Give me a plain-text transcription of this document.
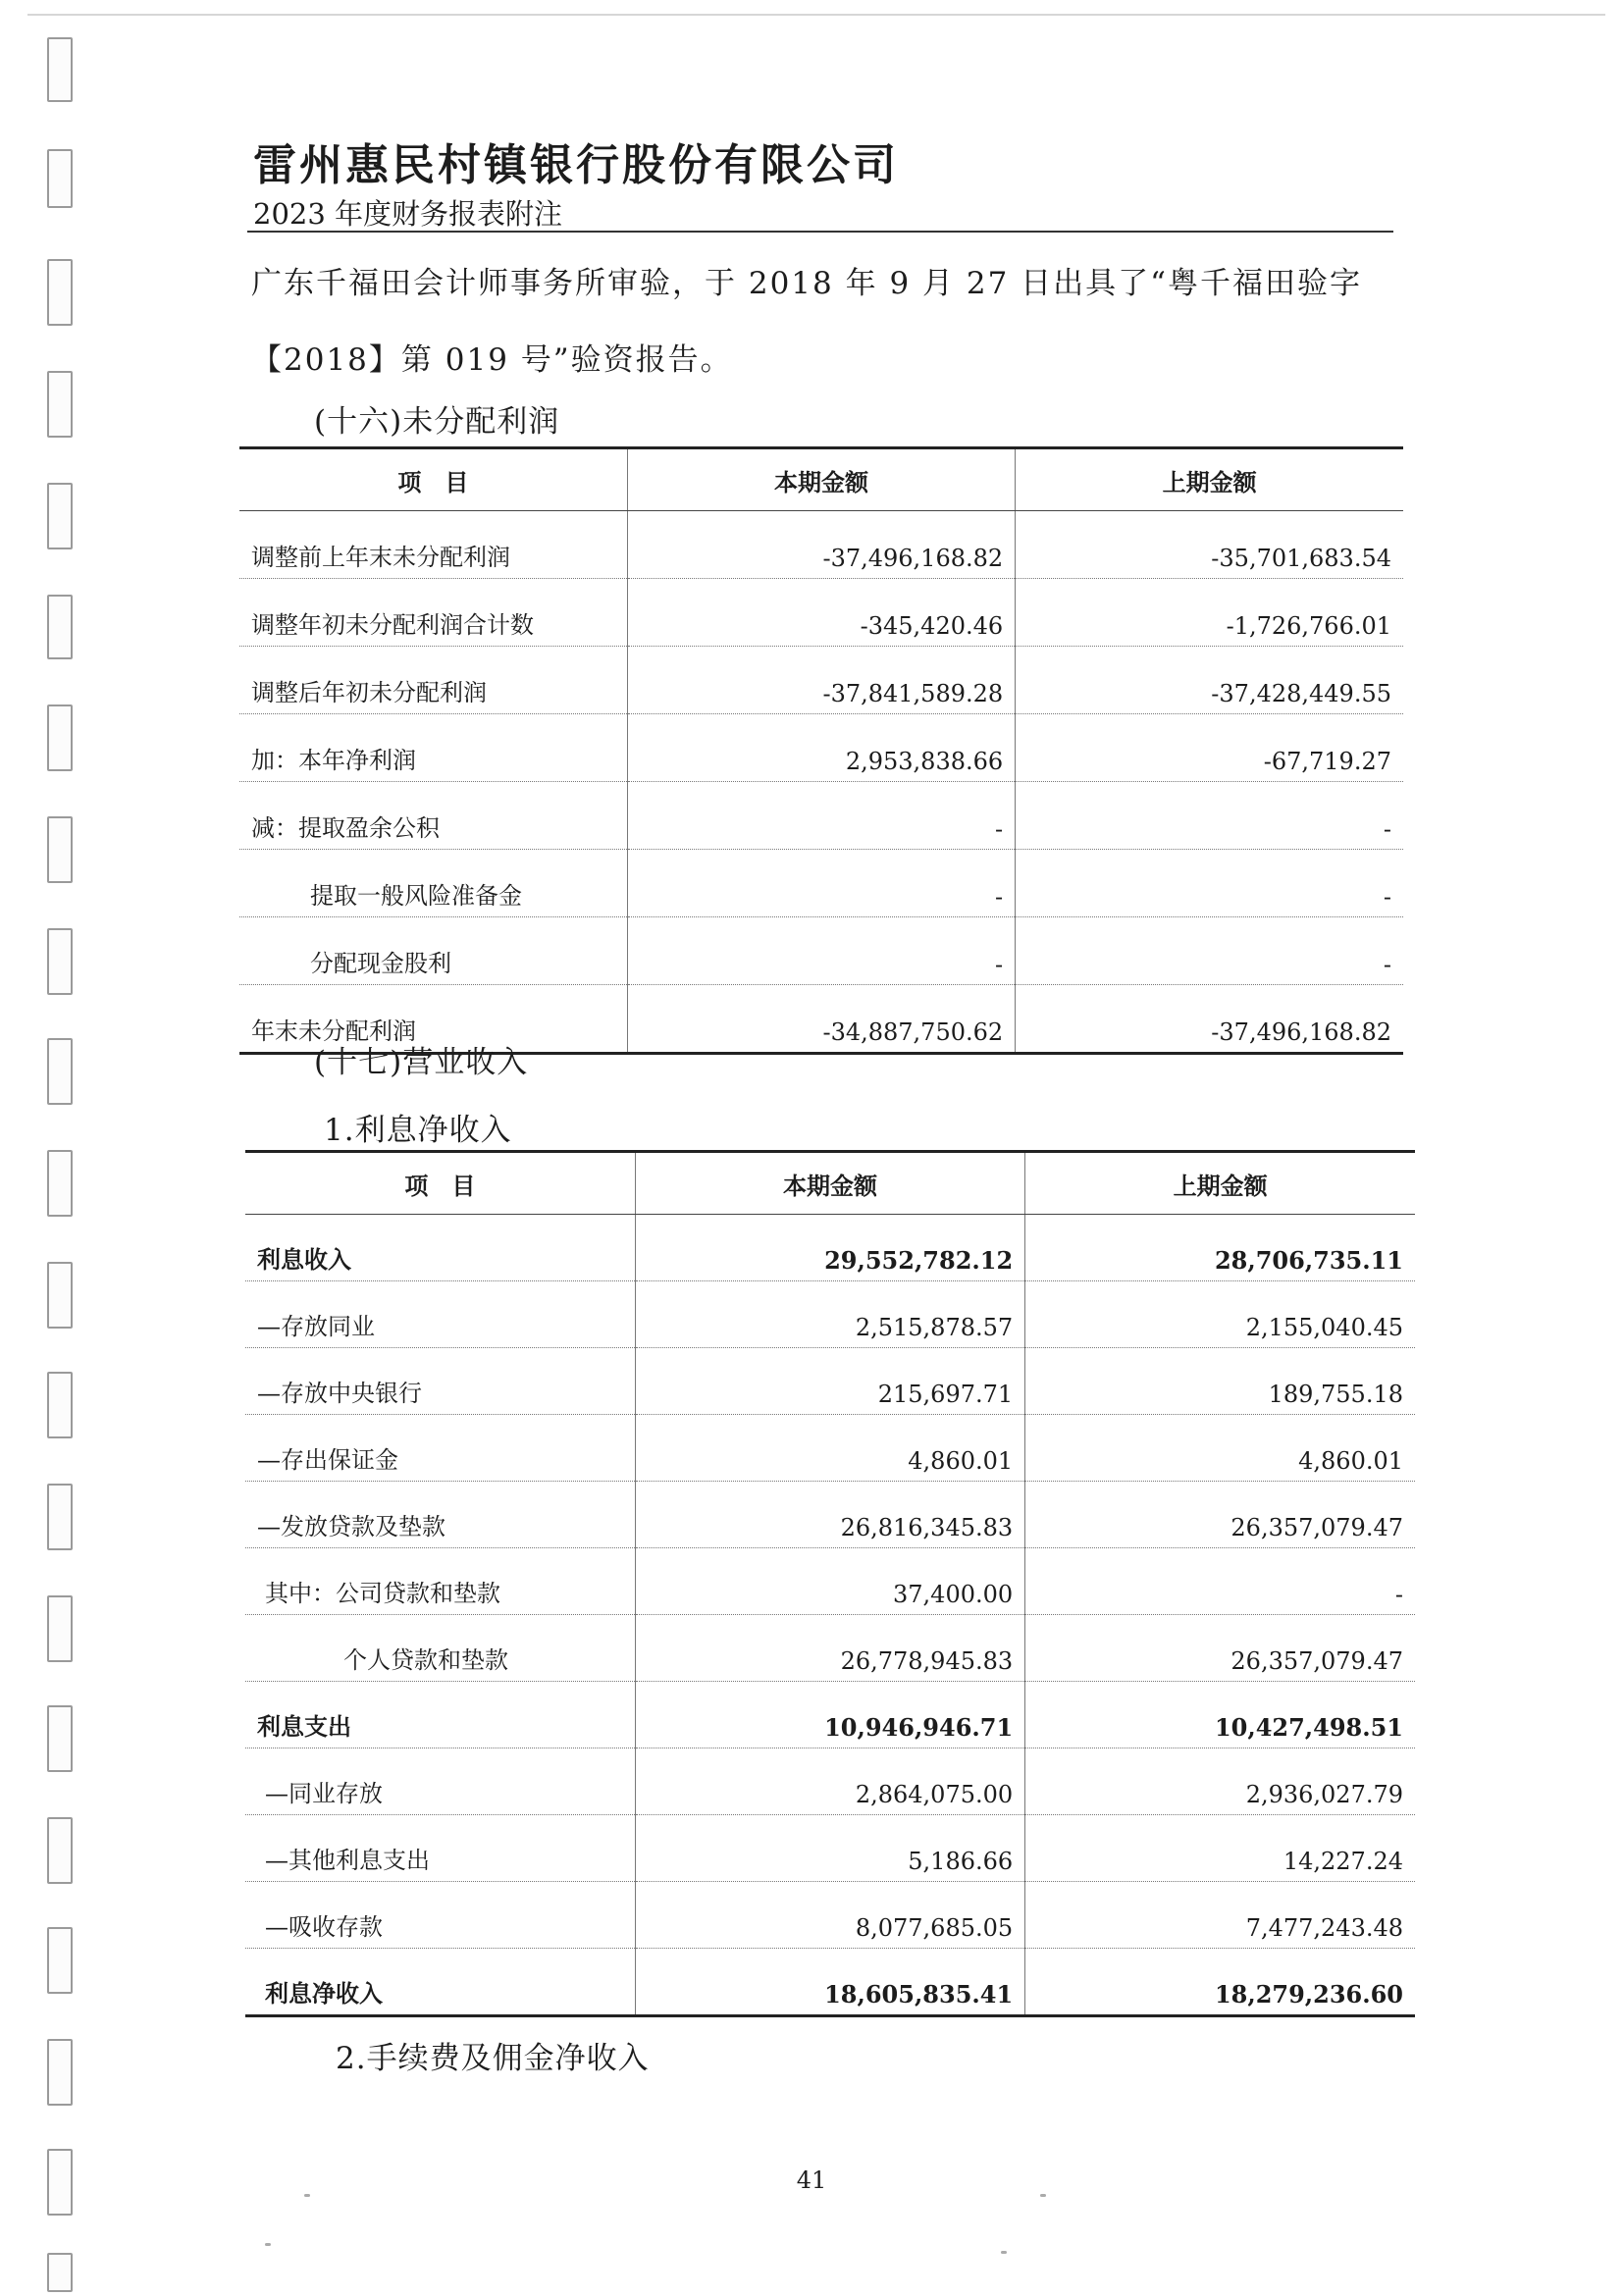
雷州惠民村镇银行股份有限公司
2023 年度财务报表附注

广东千福田会计师事务所审验，于 2018 年 9 月 27 日出具了“粤千福田验字【2018】第 019 号”验资报告。

(十六)未分配利润
项　目	本期金额	上期金额
调整前上年末未分配利润	-37,496,168.82	-35,701,683.54
调整年初未分配利润合计数	-345,420.46	-1,726,766.01
调整后年初未分配利润	-37,841,589.28	-37,428,449.55
加：本年净利润	2,953,838.66	-67,719.27
减：提取盈余公积	-	-
提取一般风险准备金	-	-
分配现金股利	-	-
年末未分配利润	-34,887,750.62	-37,496,168.82
(十七)营业收入
1.利息净收入
项　目	本期金额	上期金额
利息收入	29,552,782.12	28,706,735.11
—存放同业	2,515,878.57	2,155,040.45
—存放中央银行	215,697.71	189,755.18
—存出保证金	4,860.01	4,860.01
—发放贷款及垫款	26,816,345.83	26,357,079.47
其中：公司贷款和垫款	37,400.00	-
个人贷款和垫款	26,778,945.83	26,357,079.47
利息支出	10,946,946.71	10,427,498.51
—同业存放	2,864,075.00	2,936,027.79
—其他利息支出	5,186.66	14,227.24
—吸收存款	8,077,685.05	7,477,243.48
利息净收入	18,605,835.41	18,279,236.60
2.手续费及佣金净收入
41
